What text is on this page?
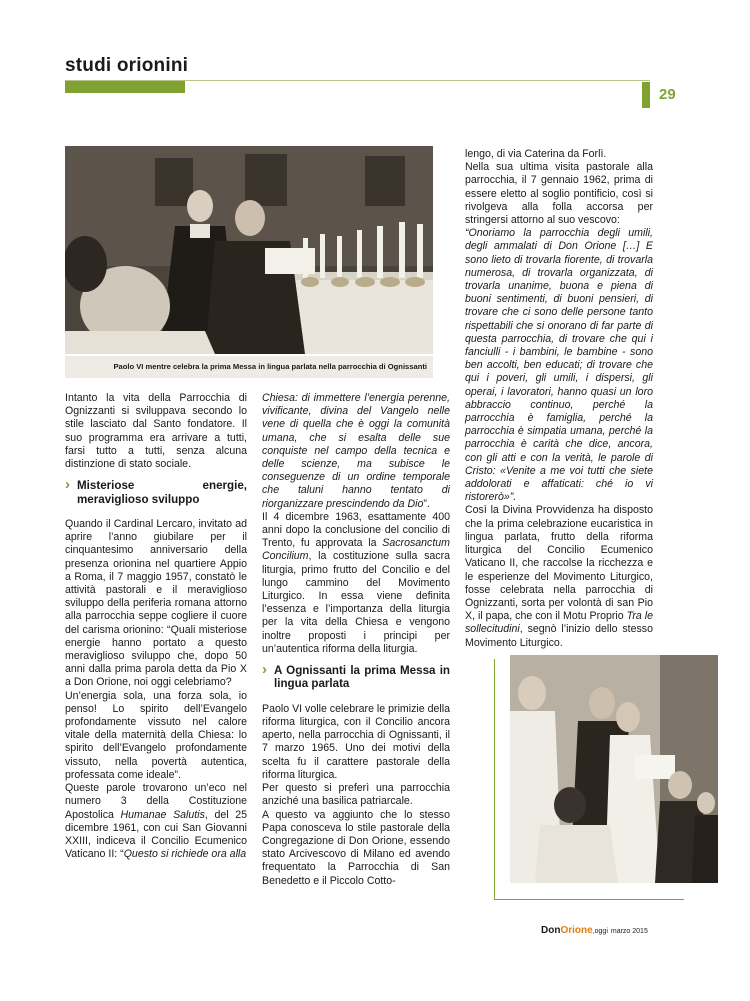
studi orionini
29
Paolo VI mentre celebra la prima Messa in lingua parlata nella parrocchia di Ognissanti

Intanto la vita della Parrocchia di Ognizzanti si sviluppava secondo lo stile lasciato dal Santo fondatore. Il suo programma era arrivare a tutti, farsi tutto a tutti, senza alcuna distinzione di stato sociale.

› Misteriose energie, meraviglioso sviluppo

Quando il Cardinal Lercaro, invitato ad aprire l’anno giubilare per il cinquantesimo anniversario della presenza orionina nel quartiere Appio a Roma, il 7 maggio 1957, constatò le attività pastorali e il meraviglioso sviluppo della periferia romana attorno alla parrocchia seppe cogliere il cuore del carisma orionino: “Quali misteriose energie hanno portato a questo meraviglioso sviluppo che, dopo 50 anni dalla prima parola detta da Pio X a Don Orione, noi oggi celebriamo?

Un’energia sola, una forza sola, io penso! Lo spirito dell’Evangelo profondamente vissuto nel calore vitale della maternità della Chiesa: lo spirito dell’Evangelo profondamente vissuto, nella povertà autentica, professata come ideale”.

Queste parole trovarono un’eco nel numero 3 della Costituzione Apostolica Humanae Salutis, del 25 dicembre 1961, con cui San Giovanni XXIII, indiceva il Concilio Ecumenico Vaticano II: “Questo si richiede ora alla

Chiesa: di immettere l’energia perenne, vivificante, divina del Vangelo nelle vene di quella che è oggi la comunità umana, che si esalta delle sue conquiste nel campo della tecnica e delle scienze, ma subisce le conseguenze di un ordine temporale che taluni hanno tentato di riorganizzare prescindendo da Dio”.

Il 4 dicembre 1963, esattamente 400 anni dopo la conclusione del concilio di Trento, fu approvata la Sacrosanctum Concilium, la costituzione sulla sacra liturgia, primo frutto del Concilio e del lungo cammino del Movimento Liturgico. In essa viene definita l’essenza e l’importanza della liturgia per la vita della Chiesa e vengono inoltre proposti i principi per un’autentica riforma della liturgia.

› A Ognissanti la prima Messa in lingua parlata

Paolo VI volle celebrare le primizie della riforma liturgica, con il Concilio ancora aperto, nella parrocchia di Ognissanti, il 7 marzo 1965. Uno dei motivi della scelta fu il carattere pastorale della riforma liturgica.

Per questo si preferì una parrocchia anziché una basilica patriarcale.

A questo va aggiunto che lo stesso Papa conosceva lo stile pastorale della Congregazione di Don Orione, essendo stato Arcivescovo di Milano ed avendo frequentato la Parrocchia di San Benedetto e il Piccolo Cotto-

lengo, di via Caterina da Forlì.

Nella sua ultima visita pastorale alla parrocchia, il 7 gennaio 1962, prima di essere eletto al soglio pontificio, così si rivolgeva alla folla accorsa per stringersi attorno al suo vescovo:

“Onoriamo la parrocchia degli umili, degli ammalati di Don Orione […] E sono lieto di trovarla fiorente, di trovarla numerosa, di trovarla organizzata, di trovarla unanime, buona e piena di buoni sentimenti, di buoni pensieri, di trovare che ci sono delle persone tanto rispettabili che si onorano di far parte di questa parrocchia, di trovare che qui i fanciulli - i bambini, le bambine - sono ben accolti, ben educati; di trovare che qui i poveri, gli umili, i dispersi, gli operai, i lavoratori, hanno quasi un loro abbraccio continuo, perché la parrocchia è famiglia, perché la parrocchia è simpatia umana, perché la parrocchia è carità che dice, ancora, con gli atti e con la verità, le parole di Cristo: «Venite a me voi tutti che siete addolorati e affaticati: ché io vi ristorerò»”.

Così la Divina Provvidenza ha disposto che la prima celebrazione eucaristica in lingua parlata, frutto della riforma liturgica del Concilio Ecumenico Vaticano II, che raccolse la ricchezza e le esperienze del Movimento Liturgico, fosse celebrata nella parrocchia di Ognizzanti, sorta per volontà di san Pio X, il papa, che con il Motu Proprio Tra le sollecitudini, segnò l’inizio dello stesso Movimento Liturgico.

DonOrione,oggi marzo 2015
